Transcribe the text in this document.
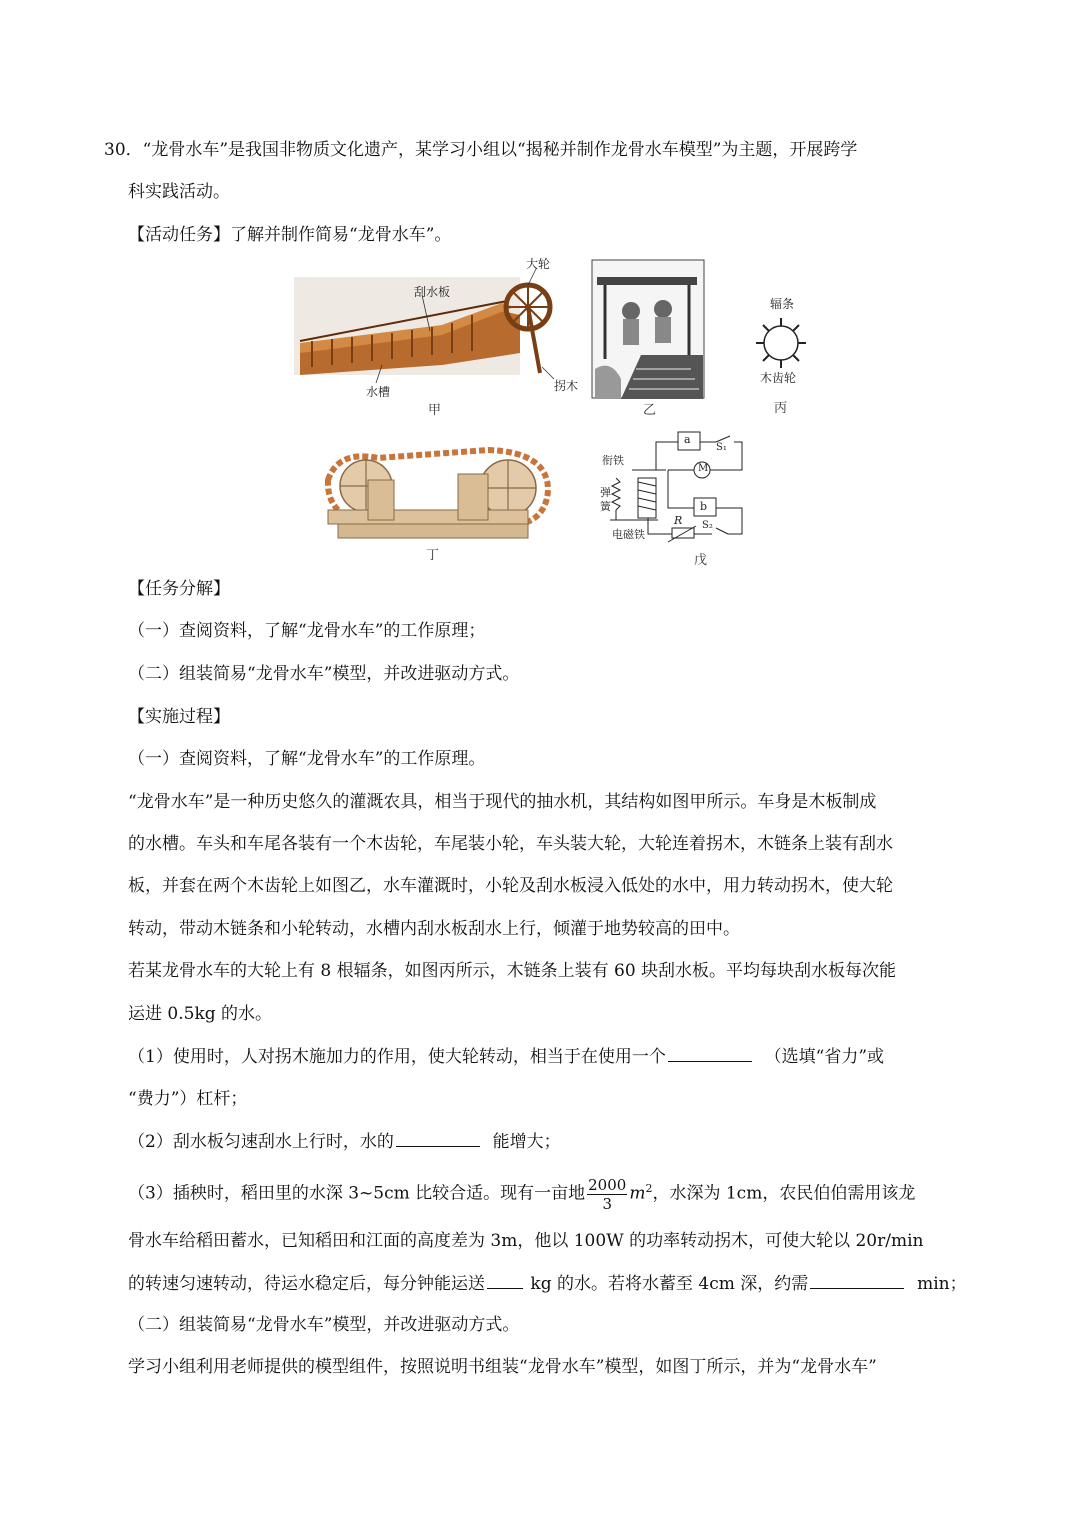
30．“龙骨水车”是我国非物质文化遗产，某学习小组以“揭秘并制作龙骨水车模型”为主题，开展跨学
科实践活动。
【活动任务】了解并制作简易“龙骨水车”。
刮水板
大轮
水槽	拐木
甲	乙
辐条
木齿轮
丙
丁
a
S₁
M
衔铁
弹
簧	b
R S₂
电磁铁
戊
【任务分解】
（一）查阅资料，了解“龙骨水车”的工作原理；
（二）组装简易“龙骨水车”模型，并改进驱动方式。
【实施过程】
（一）查阅资料，了解“龙骨水车”的工作原理。
“龙骨水车”是一种历史悠久的灌溉农具，相当于现代的抽水机，其结构如图甲所示。车身是木板制成
的水槽。车头和车尾各装有一个木齿轮，车尾装小轮，车头装大轮，大轮连着拐木，木链条上装有刮水
板，并套在两个木齿轮上如图乙，水车灌溉时，小轮及刮水板浸入低处的水中，用力转动拐木，使大轮
转动，带动木链条和小轮转动，水槽内刮水板刮水上行，倾灌于地势较高的田中。
若某龙骨水车的大轮上有 8 根辐条，如图丙所示，木链条上装有 60 块刮水板。平均每块刮水板每次能
运进 0.5kg 的水。
（1）使用时，人对拐木施加力的作用，使大轮转动，相当于在使用一个	（选填“省力”或
“费力”）杠杆；
（2）刮水板匀速刮水上行时，水的	能增大；
（3）插秧时，稻田里的水深 3~5cm 比较合适。现有一亩地 $\frac{2000}{3} m^2$，水深为 1cm，农民伯伯需用该龙
骨水车给稻田蓄水，已知稻田和江面的高度差为 3m，他以 100W 的功率转动拐木，可使大轮以 20r/min
的转速匀速转动，待运水稳定后，每分钟能运送	kg 的水。若将水蓄至 4cm 深，约需	min；
（二）组装简易“龙骨水车”模型，并改进驱动方式。
学习小组利用老师提供的模型组件，按照说明书组装“龙骨水车”模型，如图丁所示，并为“龙骨水车”
